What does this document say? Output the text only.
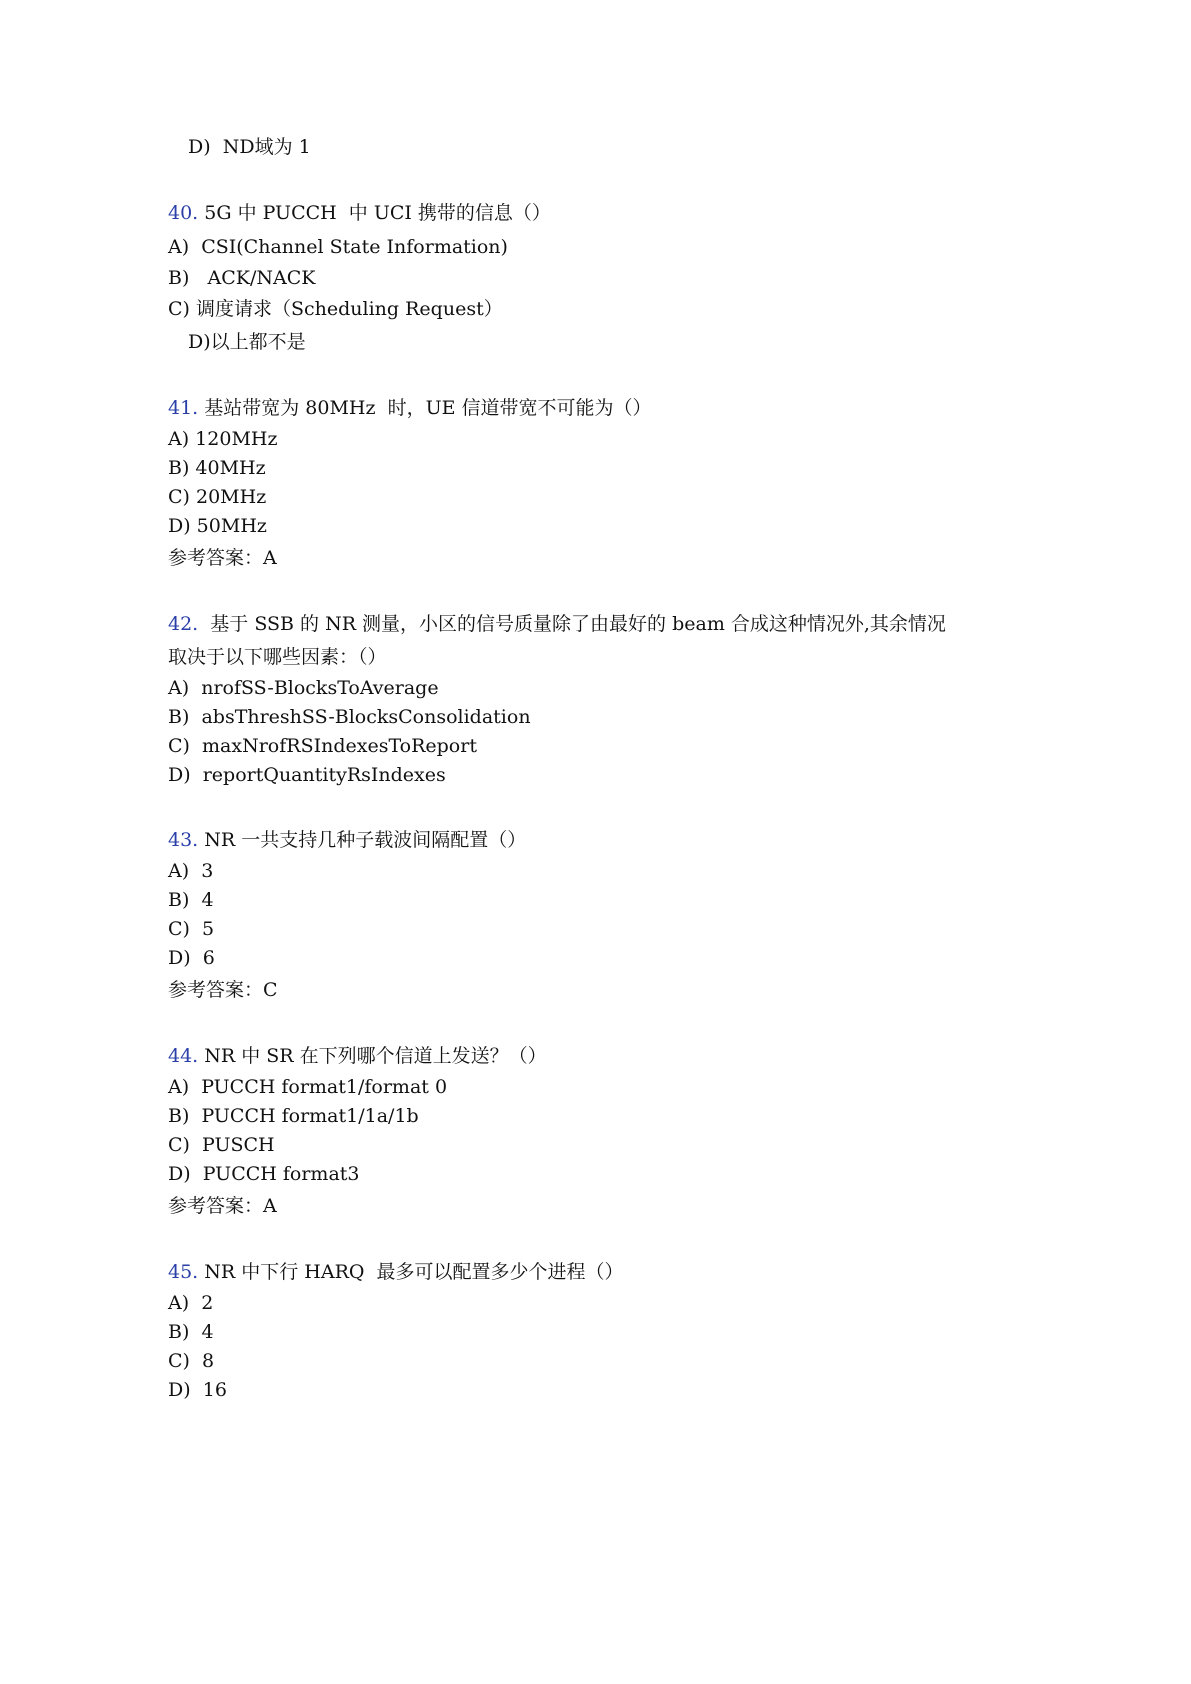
D)  ND域为 1
40. 5G 中 PUCCH  中 UCI 携带的信息（）
A)  CSI(Channel State Information)
B)   ACK/NACK
C) 调度请求（Scheduling Request）
D)以上都不是
41. 基站带宽为 80MHz  时，UE 信道带宽不可能为（）
A) 120MHz
B) 40MHz
C) 20MHz
D) 50MHz
参考答案：A
42.  基于 SSB 的 NR 测量，小区的信号质量除了由最好的 beam 合成这种情况外,其余情况
取决于以下哪些因素：（）
A)  nrofSS-BlocksToAverage
B)  absThreshSS-BlocksConsolidation
C)  maxNrofRSIndexesToReport
D)  reportQuantityRsIndexes
43. NR 一共支持几种子载波间隔配置（）
A)  3
B)  4
C)  5
D)  6
参考答案：C
44. NR 中 SR 在下列哪个信道上发送？（）
A)  PUCCH format1/format 0
B)  PUCCH format1/1a/1b
C)  PUSCH
D)  PUCCH format3
参考答案：A
45. NR 中下行 HARQ  最多可以配置多少个进程（）
A)  2
B)  4
C)  8
D)  16
